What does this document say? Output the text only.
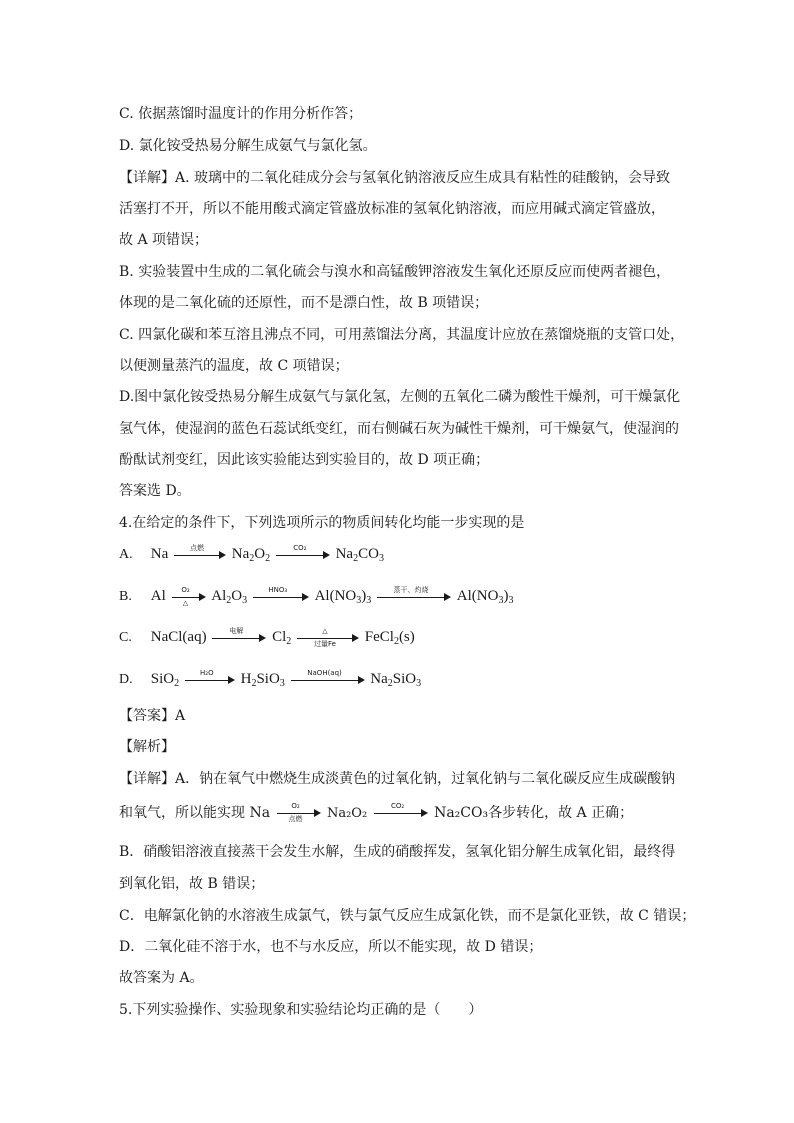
C. 依据蒸馏时温度计的作用分析作答；
D. 氯化铵受热易分解生成氨气与氯化氢。
【详解】A. 玻璃中的二氧化硅成分会与氢氧化钠溶液反应生成具有粘性的硅酸钠，会导致
活塞打不开，所以不能用酸式滴定管盛放标准的氢氧化钠溶液，而应用碱式滴定管盛放，
故 A 项错误；
B. 实验装置中生成的二氧化硫会与溴水和高锰酸钾溶液发生氧化还原反应而使两者褪色，
体现的是二氧化硫的还原性，而不是漂白性，故 B 项错误；
C. 四氯化碳和苯互溶且沸点不同，可用蒸馏法分离，其温度计应放在蒸馏烧瓶的支管口处，
以便测量蒸汽的温度，故 C 项错误；
D.图中氯化铵受热易分解生成氨气与氯化氢，左侧的五氧化二磷为酸性干燥剂，可干燥氯化
氢气体，使湿润的蓝色石蕊试纸变红，而右侧碱石灰为碱性干燥剂，可干燥氨气，使湿润的
酚酞试剂变红，因此该实验能达到实验目的，故 D 项正确；
答案选 D。
4.在给定的条件下，下列选项所示的物质间转化均能一步实现的是
A. Na	点燃	$Na_2O_2$
CO₂	$Na_2CO_3$
B. Al	O₂
△	$Al_2O_3$
HNO₃	$Al(NO_3)_3$
蒸干、灼烧	$Al(NO_3)_3$
C. NaCl(aq)	电解	$Cl_2$
△
过量Fe	FeCl$_2$(s)
D. SiO$_2$
H₂O	$H_2SiO_3$
NaOH(aq)	$Na_2SiO_3$
【答案】A
【解析】
【详解】A．钠在氧气中燃烧生成淡黄色的过氧化钠，过氧化钠与二氧化碳反应生成碳酸钠
和氧气，所以能实现 Na	O₂
点燃	Na₂O₂	CO₂	Na₂CO₃各步转化，故 A 正确；
B．硝酸铝溶液直接蒸干会发生水解，生成的硝酸挥发，氢氧化铝分解生成氧化铝，最终得
到氧化铝，故 B 错误；
C．电解氯化钠的水溶液生成氯气，铁与氯气反应生成氯化铁，而不是氯化亚铁，故 C 错误；
D．二氧化硅不溶于水，也不与水反应，所以不能实现，故 D 错误；
故答案为 A。
5.下列实验操作、实验现象和实验结论均正确的是（　　）
